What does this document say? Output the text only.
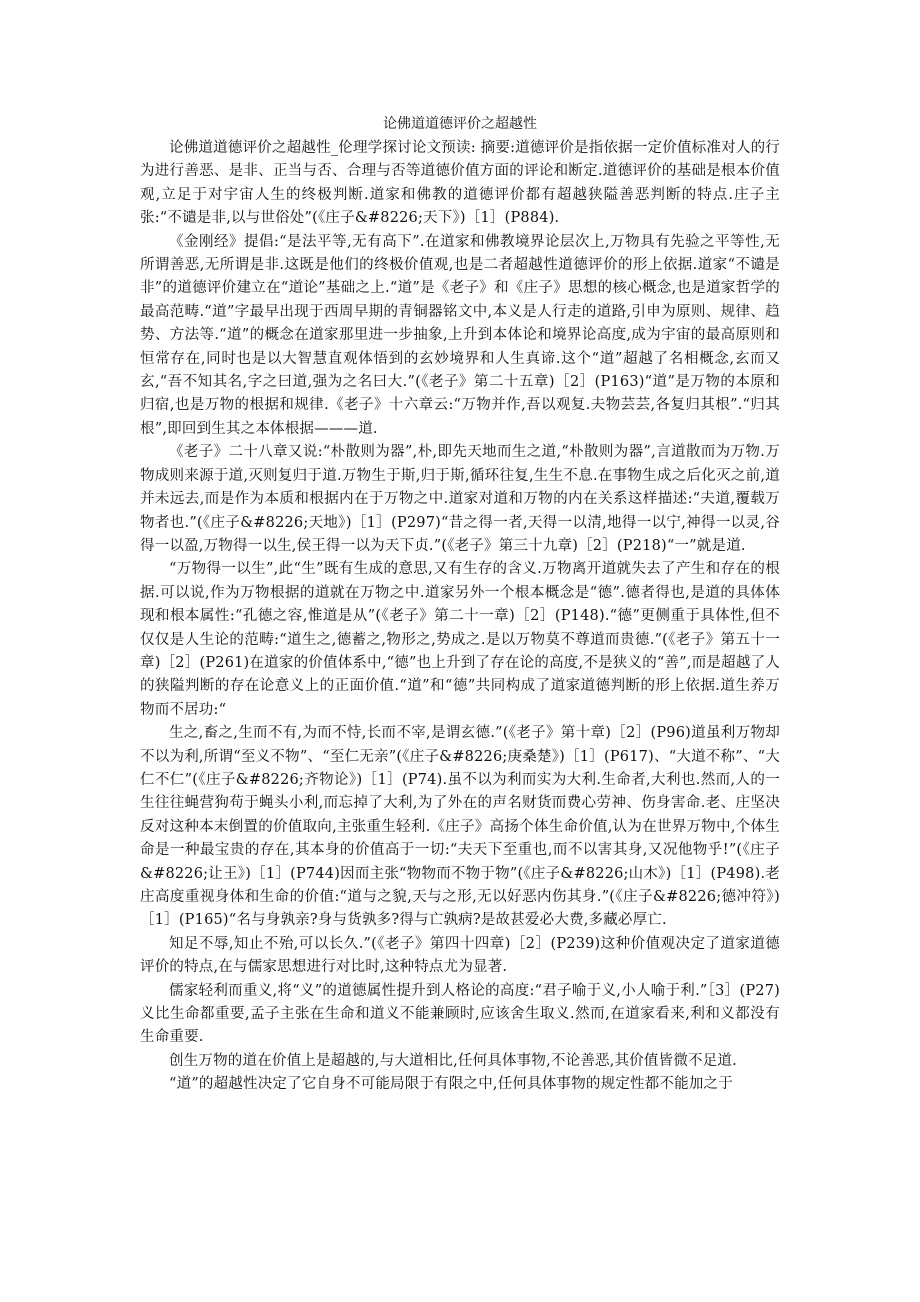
论佛道道德评价之超越性

论佛道道德评价之超越性_伦理学探讨论文预读: 摘要:道德评价是指依据一定价值标准对人的行为进行善恶、是非、正当与否、合理与否等道德价值方面的评论和断定.道德评价的基础是根本价值观,立足于对宇宙人生的终极判断.道家和佛教的道德评价都有超越狭隘善恶判断的特点.庄子主张:“不谴是非,以与世俗处”(《庄子&#8226;天下》)［1］(P884).

《金刚经》提倡:“是法平等,无有高下”.在道家和佛教境界论层次上,万物具有先验之平等性,无所谓善恶,无所谓是非.这既是他们的终极价值观,也是二者超越性道德评价的形上依据.道家“不谴是非”的道德评价建立在“道论”基础之上.“道”是《老子》和《庄子》思想的核心概念,也是道家哲学的最高范畴.“道”字最早出现于西周早期的青铜器铭文中,本义是人行走的道路,引申为原则、规律、趋势、方法等.“道”的概念在道家那里进一步抽象,上升到本体论和境界论高度,成为宇宙的最高原则和恒常存在,同时也是以大智慧直观体悟到的玄妙境界和人生真谛.这个“道”超越了名相概念,玄而又玄,“吾不知其名,字之曰道,强为之名曰大.”(《老子》第二十五章)［2］(P163)“道”是万物的本原和归宿,也是万物的根据和规律.《老子》十六章云:“万物并作,吾以观复.夫物芸芸,各复归其根”.“归其根”,即回到生其之本体根据———道.

《老子》二十八章又说:“朴散则为器”,朴,即先天地而生之道,“朴散则为器”,言道散而为万物.万物成则来源于道,灭则复归于道.万物生于斯,归于斯,循环往复,生生不息.在事物生成之后化灭之前,道并未远去,而是作为本质和根据内在于万物之中.道家对道和万物的内在关系这样描述:“夫道,覆载万物者也.”(《庄子&#8226;天地》)［1］(P297)“昔之得一者,天得一以清,地得一以宁,神得一以灵,谷得一以盈,万物得一以生,侯王得一以为天下贞.”(《老子》第三十九章)［2］(P218)“一”就是道.

“万物得一以生”,此“生”既有生成的意思,又有生存的含义.万物离开道就失去了产生和存在的根据.可以说,作为万物根据的道就在万物之中.道家另外一个根本概念是“德”.德者得也,是道的具体体现和根本属性:“孔德之容,惟道是从”(《老子》第二十一章)［2］(P148).“德”更侧重于具体性,但不仅仅是人生论的范畴:“道生之,德蓄之,物形之,势成之.是以万物莫不尊道而贵德.”(《老子》第五十一章)［2］(P261)在道家的价值体系中,“德”也上升到了存在论的高度,不是狭义的“善”,而是超越了人的狭隘判断的存在论意义上的正面价值.“道”和“德”共同构成了道家道德判断的形上依据.道生养万物而不居功:“

生之,畜之,生而不有,为而不恃,长而不宰,是谓玄德.”(《老子》第十章)［2］(P96)道虽利万物却不以为利,所谓“至义不物”、“至仁无亲”(《庄子&#8226;庚桑楚》)［1］(P617)、“大道不称”、“大仁不仁”(《庄子&#8226;齐物论》)［1］(P74).虽不以为利而实为大利.生命者,大利也.然而,人的一生往往蝇营狗苟于蝇头小利,而忘掉了大利,为了外在的声名财货而费心劳神、伤身害命.老、庄坚决反对这种本末倒置的价值取向,主张重生轻利.《庄子》高扬个体生命价值,认为在世界万物中,个体生命是一种最宝贵的存在,其本身的价值高于一切:“夫天下至重也,而不以害其身,又况他物乎!”(《庄子&#8226;让王》)［1］(P744)因而主张“物物而不物于物”(《庄子&#8226;山木》)［1］(P498).老庄高度重视身体和生命的价值:“道与之貌,天与之形,无以好恶内伤其身.”(《庄子&#8226;德冲符》)［1］(P165)“名与身孰亲?身与货孰多?得与亡孰病?是故甚爱必大费,多藏必厚亡.

知足不辱,知止不殆,可以长久.”(《老子》第四十四章)［2］(P239)这种价值观决定了道家道德评价的特点,在与儒家思想进行对比时,这种特点尤为显著.

儒家轻利而重义,将“义”的道德属性提升到人格论的高度:“君子喻于义,小人喻于利.”［3］(P27)义比生命都重要,孟子主张在生命和道义不能兼顾时,应该舍生取义.然而,在道家看来,利和义都没有生命重要.

创生万物的道在价值上是超越的,与大道相比,任何具体事物,不论善恶,其价值皆微不足道.

“道”的超越性决定了它自身不可能局限于有限之中,任何具体事物的规定性都不能加之于
